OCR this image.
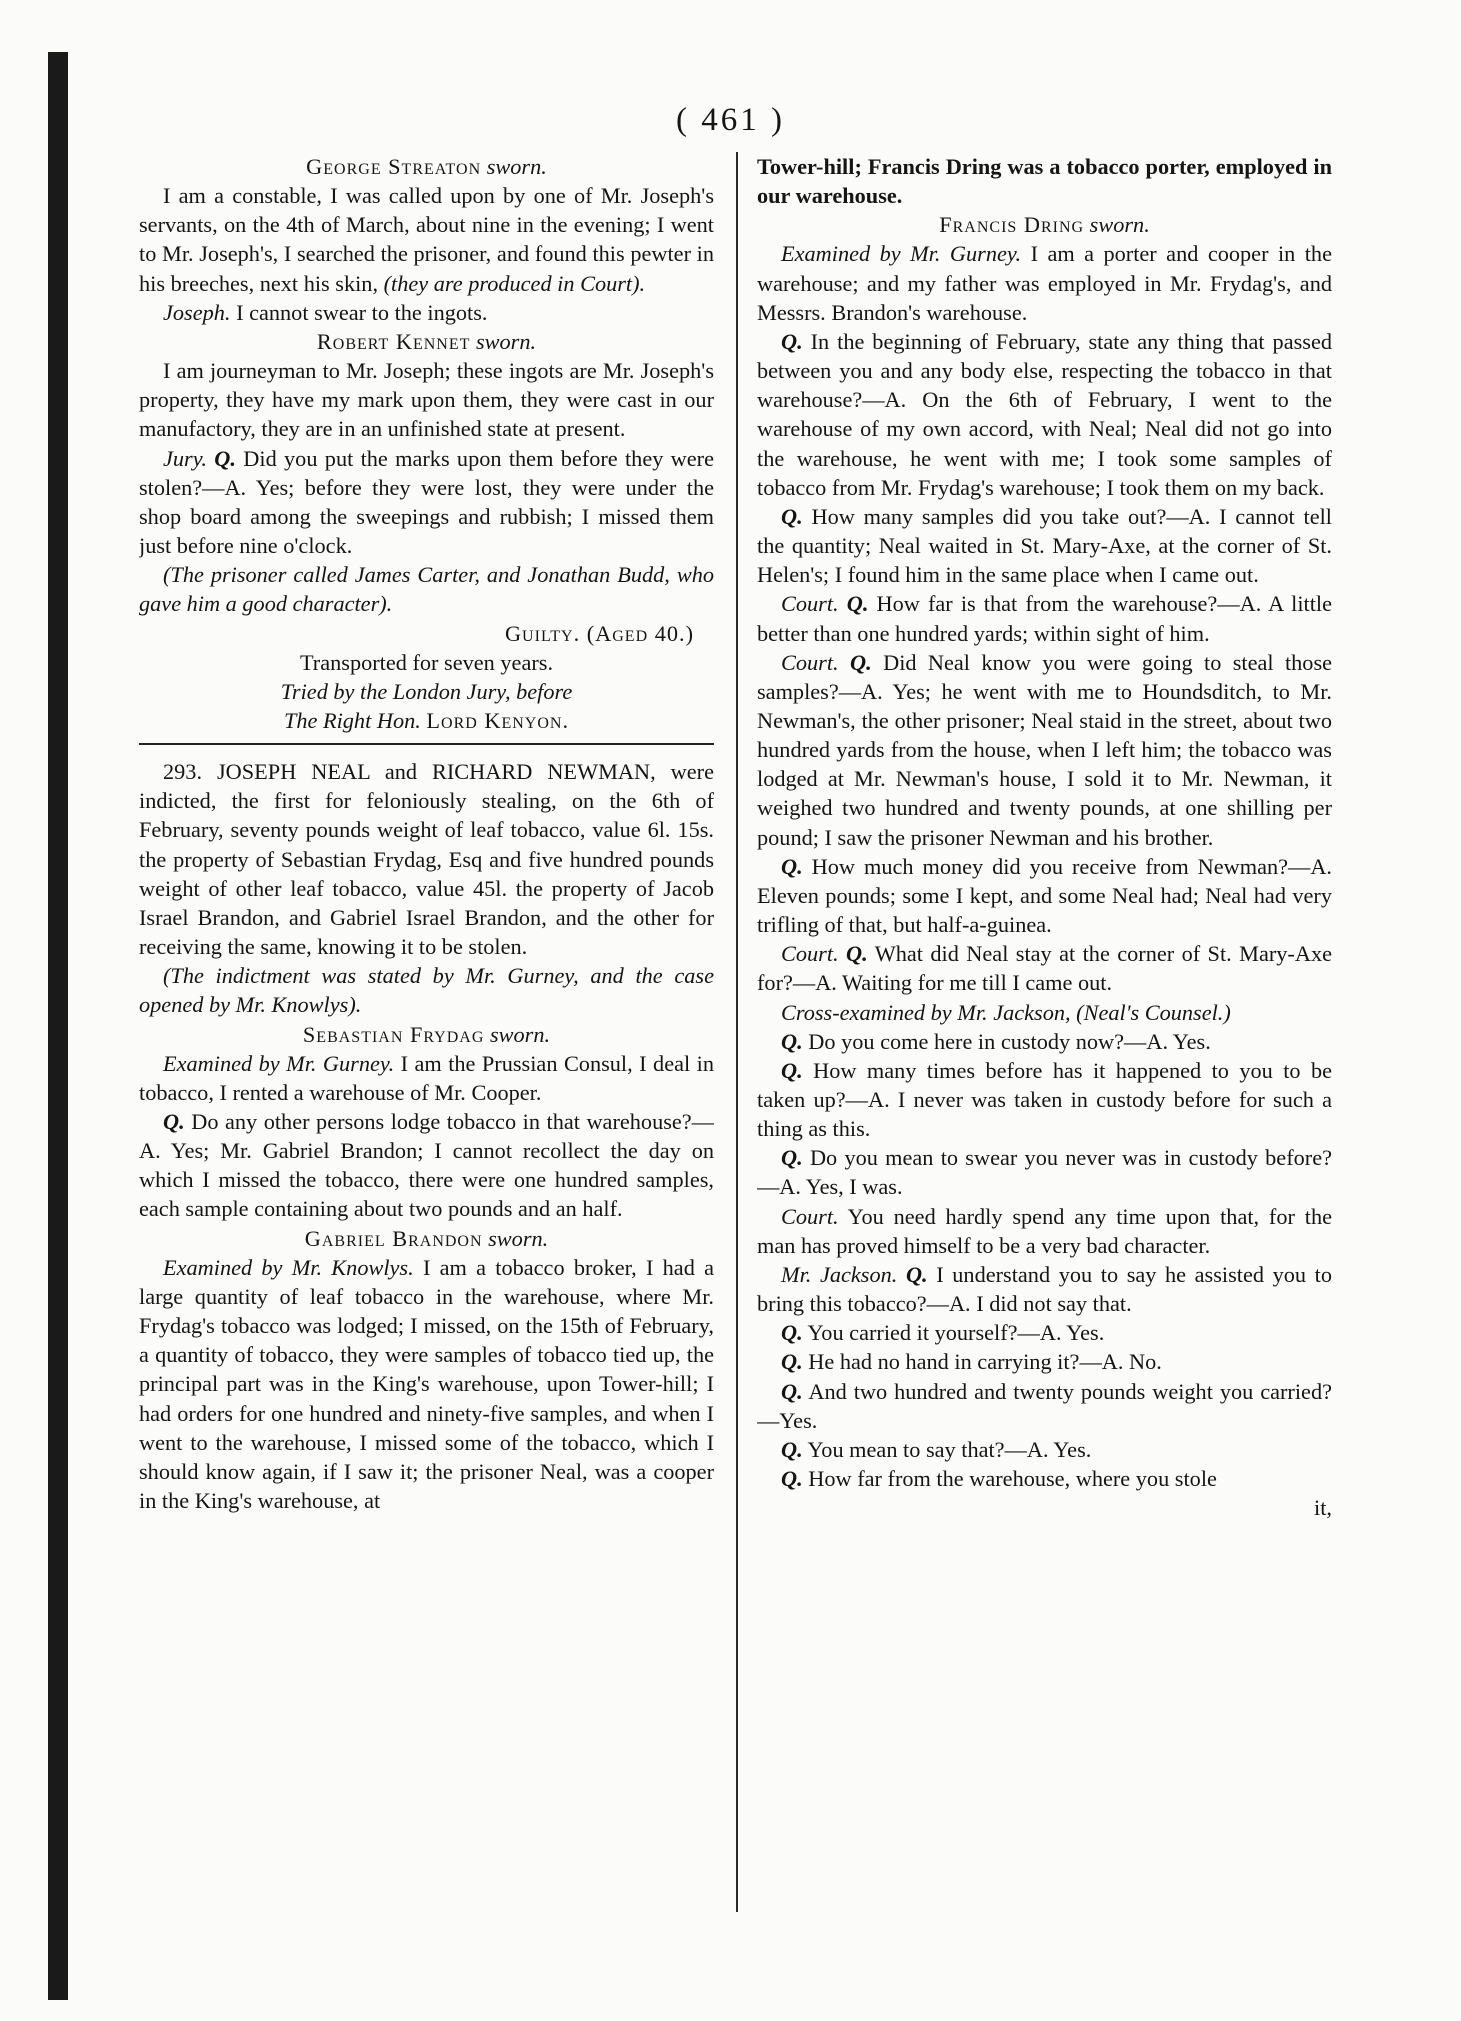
( 461 )

George Streaton sworn.

I am a constable, I was called upon by one of Mr. Joseph's servants, on the 4th of March, about nine in the evening; I went to Mr. Joseph's, I searched the prisoner, and found this pewter in his breeches, next his skin, (they are produced in Court).

Joseph. I cannot swear to the ingots.

Robert Kennet sworn.

I am journeyman to Mr. Joseph; these ingots are Mr. Joseph's property, they have my mark upon them, they were cast in our manufactory, they are in an unfinished state at present.

Jury. Q. Did you put the marks upon them before they were stolen?—A. Yes; before they were lost, they were under the shop board among the sweepings and rubbish; I missed them just before nine o'clock.

(The prisoner called James Carter, and Jonathan Budd, who gave him a good character).

Guilty. (Aged 40.)

Transported for seven years.

Tried by the London Jury, before

The Right Hon. Lord Kenyon.

293. JOSEPH NEAL and RICHARD NEWMAN, were indicted, the first for feloniously stealing, on the 6th of February, seventy pounds weight of leaf tobacco, value 6l. 15s. the property of Sebastian Frydag, Esq and five hundred pounds weight of other leaf tobacco, value 45l. the property of Jacob Israel Brandon, and Gabriel Israel Brandon, and the other for receiving the same, knowing it to be stolen.

(The indictment was stated by Mr. Gurney, and the case opened by Mr. Knowlys).

Sebastian Frydag sworn.

Examined by Mr. Gurney. I am the Prussian Consul, I deal in tobacco, I rented a warehouse of Mr. Cooper.

Q. Do any other persons lodge tobacco in that warehouse?—A. Yes; Mr. Gabriel Brandon; I cannot recollect the day on which I missed the tobacco, there were one hundred samples, each sample containing about two pounds and an half.

Gabriel Brandon sworn.

Examined by Mr. Knowlys. I am a tobacco broker, I had a large quantity of leaf tobacco in the warehouse, where Mr. Frydag's tobacco was lodged; I missed, on the 15th of February, a quantity of tobacco, they were samples of tobacco tied up, the principal part was in the King's warehouse, upon Tower-hill; I had orders for one hundred and ninety-five samples, and when I went to the warehouse, I missed some of the tobacco, which I should know again, if I saw it; the prisoner Neal, was a cooper in the King's warehouse, at

Tower-hill; Francis Dring was a tobacco porter, employed in our warehouse.

Francis Dring sworn.

Examined by Mr. Gurney. I am a porter and cooper in the warehouse; and my father was employed in Mr. Frydag's, and Messrs. Brandon's warehouse.

Q. In the beginning of February, state any thing that passed between you and any body else, respecting the tobacco in that warehouse?—A. On the 6th of February, I went to the warehouse of my own accord, with Neal; Neal did not go into the warehouse, he went with me; I took some samples of tobacco from Mr. Frydag's warehouse; I took them on my back.

Q. How many samples did you take out?—A. I cannot tell the quantity; Neal waited in St. Mary-Axe, at the corner of St. Helen's; I found him in the same place when I came out.

Court. Q. How far is that from the warehouse?—A. A little better than one hundred yards; within sight of him.

Court. Q. Did Neal know you were going to steal those samples?—A. Yes; he went with me to Houndsditch, to Mr. Newman's, the other prisoner; Neal staid in the street, about two hundred yards from the house, when I left him; the tobacco was lodged at Mr. Newman's house, I sold it to Mr. Newman, it weighed two hundred and twenty pounds, at one shilling per pound; I saw the prisoner Newman and his brother.

Q. How much money did you receive from Newman?—A. Eleven pounds; some I kept, and some Neal had; Neal had very trifling of that, but half-a-guinea.

Court. Q. What did Neal stay at the corner of St. Mary-Axe for?—A. Waiting for me till I came out.

Cross-examined by Mr. Jackson, (Neal's Counsel.)

Q. Do you come here in custody now?—A. Yes.

Q. How many times before has it happened to you to be taken up?—A. I never was taken in custody before for such a thing as this.

Q. Do you mean to swear you never was in custody before?—A. Yes, I was.

Court. You need hardly spend any time upon that, for the man has proved himself to be a very bad character.

Mr. Jackson. Q. I understand you to say he assisted you to bring this tobacco?—A. I did not say that.

Q. You carried it yourself?—A. Yes.

Q. He had no hand in carrying it?—A. No.

Q. And two hundred and twenty pounds weight you carried?—Yes.

Q. You mean to say that?—A. Yes.

Q. How far from the warehouse, where you stole

it,
